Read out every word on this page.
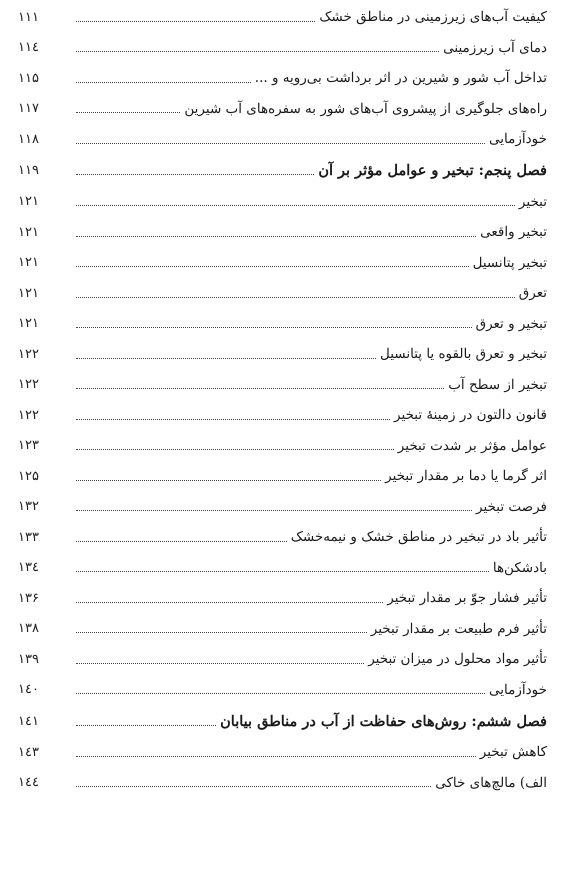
۱۱۱	کیفیت آب‌های زیرزمینی در مناطق خشک
۱۱٤	دمای آب زیرزمینی
۱۱۵	تداخل آب شور و شیرین در اثر برداشت بی‌رویه و ...
۱۱۷	راه‌های جلوگیری از پیشروی آب‌های شور به سفره‌های آب شیرین
۱۱۸	خودآزمایی
۱۱۹	فصل پنجم: تبخیر و عوامل مؤثر بر آن
۱۲۱	تبخیر
۱۲۱	تبخیر واقعی
۱۲۱	تبخیر پتانسیل
۱۲۱	تعرق
۱۲۱	تبخیر و تعرق
۱۲۲	تبخیر و تعرق بالقوه یا پتانسیل
۱۲۲	تبخیر از سطح آب
۱۲۲	قانون دالتون در زمینهٔ تبخیر
۱۲۳	عوامل مؤثر بر شدت تبخیر
۱۲۵	اثر گرما یا دما بر مقدار تبخیر
۱۳۲	فرصت تبخیر
۱۳۳	تأثیر باد در تبخیر در مناطق خشک و نیمه‌خشک
۱۳٤	بادشکن‌ها
۱۳۶	تأثیر فشار جوّ بر مقدار تبخیر
۱۳۸	تأثیر فرم طبیعت بر مقدار تبخیر
۱۳۹	تأثیر مواد محلول در میزان تبخیر
۱٤۰	خودآزمایی
۱٤۱	فصل ششم: روش‌های حفاظت از آب در مناطق بیابان
۱٤۳	کاهش تبخیر
۱٤٤	الف) مالچ‌های خاکی
